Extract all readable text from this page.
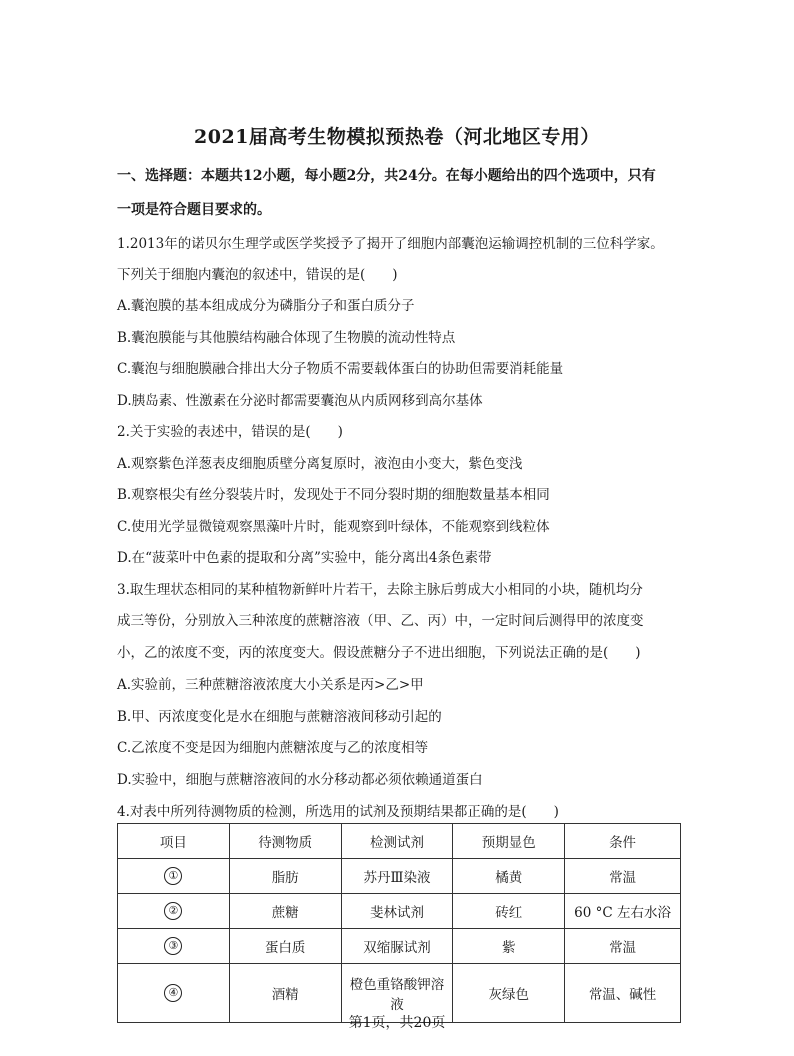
2021届高考生物模拟预热卷（河北地区专用）
一、选择题：本题共12小题，每小题2分，共24分。在每小题给出的四个选项中，只有
一项是符合题目要求的。
1.2013年的诺贝尔生理学或医学奖授予了揭开了细胞内部囊泡运输调控机制的三位科学家。
下列关于细胞内囊泡的叙述中，错误的是(　　)
A.囊泡膜的基本组成成分为磷脂分子和蛋白质分子
B.囊泡膜能与其他膜结构融合体现了生物膜的流动性特点
C.囊泡与细胞膜融合排出大分子物质不需要载体蛋白的协助但需要消耗能量
D.胰岛素、性激素在分泌时都需要囊泡从内质网移到高尔基体
2.关于实验的表述中，错误的是(　　)
A.观察紫色洋葱表皮细胞质壁分离复原时，液泡由小变大，紫色变浅
B.观察根尖有丝分裂装片时，发现处于不同分裂时期的细胞数量基本相同
C.使用光学显微镜观察黑藻叶片时，能观察到叶绿体，不能观察到线粒体
D.在“菠菜叶中色素的提取和分离”实验中，能分离出4条色素带
3.取生理状态相同的某种植物新鲜叶片若干，去除主脉后剪成大小相同的小块，随机均分
成三等份，分别放入三种浓度的蔗糖溶液（甲、乙、丙）中，一定时间后测得甲的浓度变
小，乙的浓度不变，丙的浓度变大。假设蔗糖分子不进出细胞，下列说法正确的是(　　)
A.实验前，三种蔗糖溶液浓度大小关系是丙>乙>甲
B.甲、丙浓度变化是水在细胞与蔗糖溶液间移动引起的
C.乙浓度不变是因为细胞内蔗糖浓度与乙的浓度相等
D.实验中，细胞与蔗糖溶液间的水分移动都必须依赖通道蛋白
4.对表中所列待测物质的检测，所选用的试剂及预期结果都正确的是(　　)
项目	待测物质	检测试剂	预期显色	条件
①	脂肪	苏丹Ⅲ染液	橘黄	常温
②	蔗糖	斐林试剂	砖红	60 °C 左右水浴
③	蛋白质	双缩脲试剂	紫	常温
④	酒精	橙色重铬酸钾溶液	灰绿色	常温、碱性
第1页，共20页
